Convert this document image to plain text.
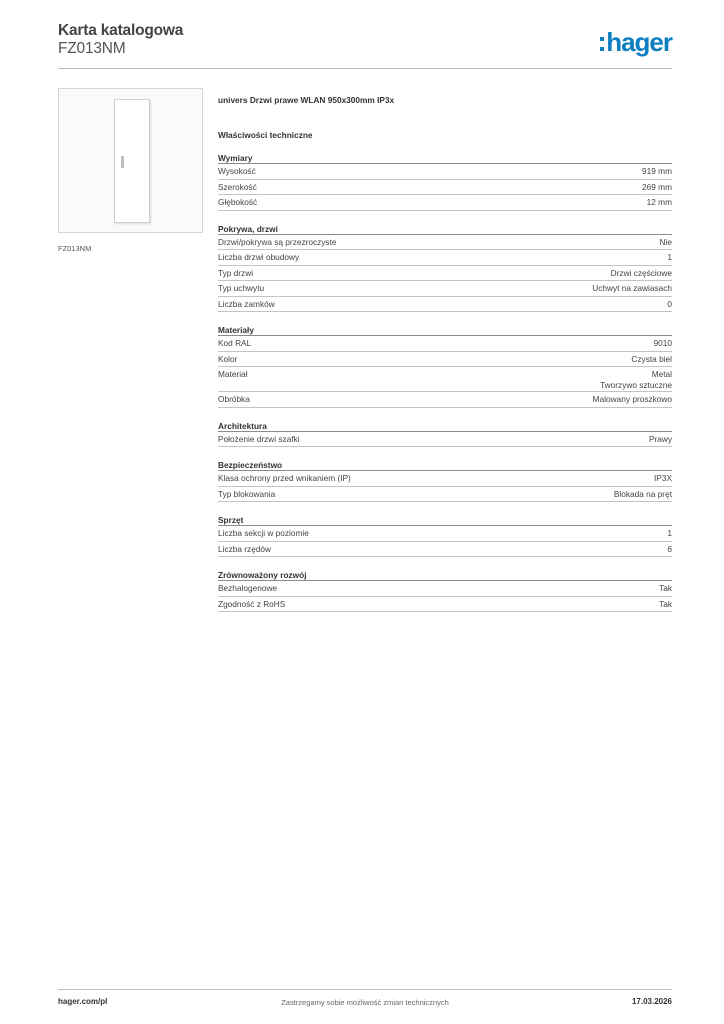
Karta katalogowa
FZ013NM	hager
FZ013NM
univers Drzwi prawe WLAN 950x300mm IP3x
Właściwości techniczne
Wymiary
Wysokość	919 mm
Szerokość	269 mm
Głębokość	12 mm
Pokrywa, drzwi
Drzwi/pokrywa są przezroczyste	Nie
Liczba drzwi obudowy	1
Typ drzwi	Drzwi częściowe
Typ uchwytu	Uchwyt na zawiasach
Liczba zamków	0
Materiały
Kod RAL	9010
Kolor	Czysta biel
Materiał	Metal
Tworzywo sztuczne
Obróbka	Malowany proszkowo
Architektura
Położenie drzwi szafki	Prawy
Bezpieczeństwo
Klasa ochrony przed wnikaniem (IP)	IP3X
Typ blokowania	Blokada na pręt
Sprzęt
Liczba sekcji w poziomie	1
Liczba rzędów	6
Zrównoważony rozwój
Bezhalogenowe	Tak
Zgodność z RoHS	Tak
hager.com/pl	Zastrzegamy sobie możliwość zmian technicznych	17.03.2026
